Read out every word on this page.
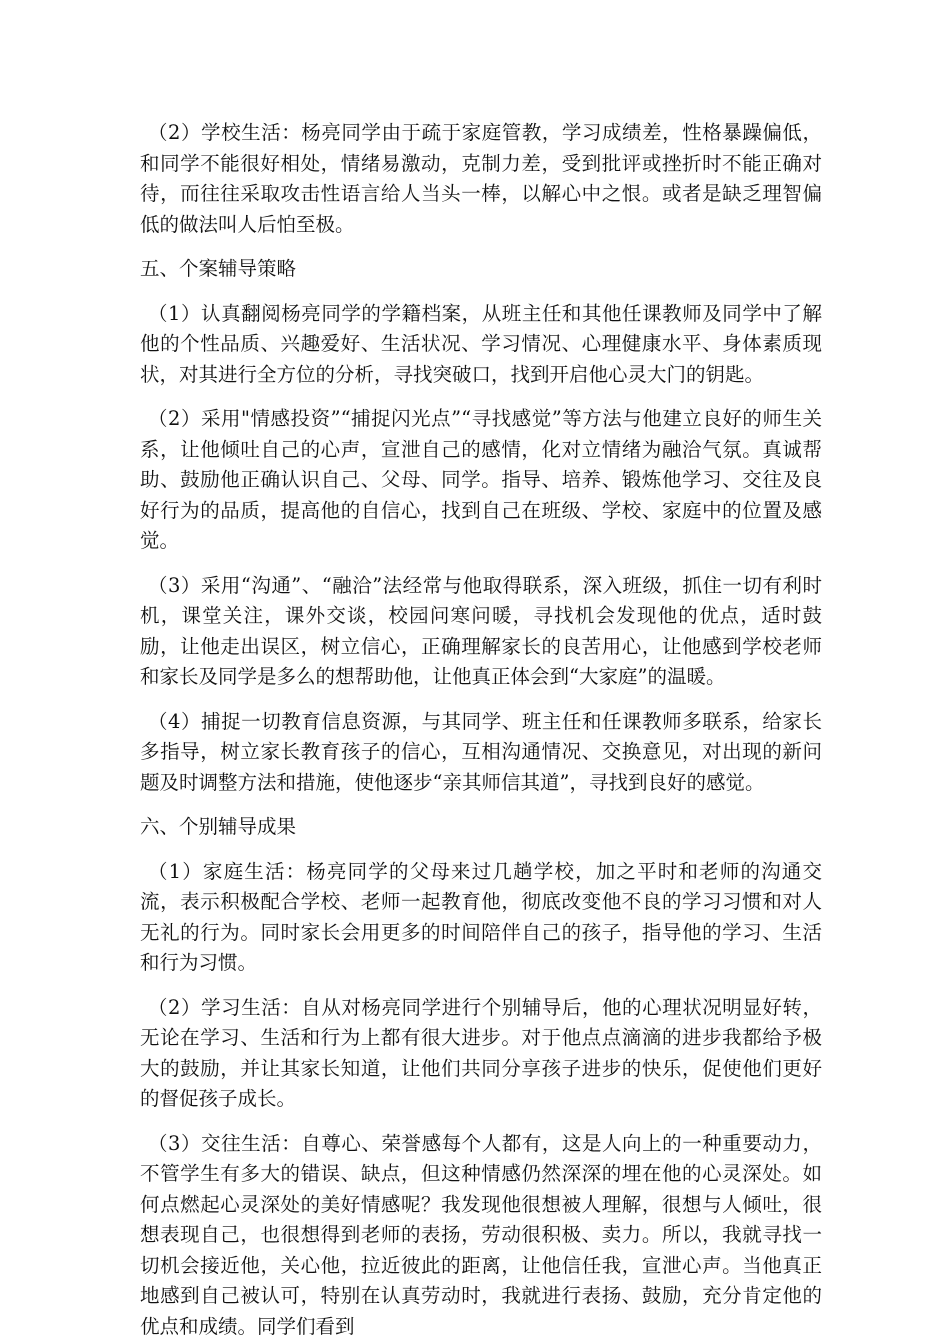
（2）学校生活：杨亮同学由于疏于家庭管教，学习成绩差，性格暴躁偏低，和同学不能很好相处，情绪易激动，克制力差，受到批评或挫折时不能正确对待，而往往采取攻击性语言给人当头一棒，以解心中之恨。或者是缺乏理智偏低的做法叫人后怕至极。

五、个案辅导策略

（1）认真翻阅杨亮同学的学籍档案，从班主任和其他任课教师及同学中了解他的个性品质、兴趣爱好、生活状况、学习情况、心理健康水平、身体素质现状，对其进行全方位的分析，寻找突破口，找到开启他心灵大门的钥匙。

（2）采用"情感投资”“捕捉闪光点”“寻找感觉”等方法与他建立良好的师生关系，让他倾吐自己的心声，宣泄自己的感情，化对立情绪为融洽气氛。真诚帮助、鼓励他正确认识自己、父母、同学。指导、培养、锻炼他学习、交往及良好行为的品质，提高他的自信心，找到自己在班级、学校、家庭中的位置及感觉。

（3）采用“沟通”、“融洽”法经常与他取得联系，深入班级，抓住一切有利时机，课堂关注，课外交谈，校园问寒问暖，寻找机会发现他的优点，适时鼓励，让他走出误区，树立信心，正确理解家长的良苦用心，让他感到学校老师和家长及同学是多么的想帮助他，让他真正体会到“大家庭”的温暖。

（4）捕捉一切教育信息资源，与其同学、班主任和任课教师多联系，给家长多指导，树立家长教育孩子的信心，互相沟通情况、交换意见，对出现的新问题及时调整方法和措施，使他逐步“亲其师信其道”，寻找到良好的感觉。

六、个别辅导成果

（1）家庭生活：杨亮同学的父母来过几趟学校，加之平时和老师的沟通交流，表示积极配合学校、老师一起教育他，彻底改变他不良的学习习惯和对人无礼的行为。同时家长会用更多的时间陪伴自己的孩子，指导他的学习、生活和行为习惯。

（2）学习生活：自从对杨亮同学进行个别辅导后，他的心理状况明显好转，无论在学习、生活和行为上都有很大进步。对于他点点滴滴的进步我都给予极大的鼓励，并让其家长知道，让他们共同分享孩子进步的快乐，促使他们更好的督促孩子成长。

（3）交往生活：自尊心、荣誉感每个人都有，这是人向上的一种重要动力，不管学生有多大的错误、缺点，但这种情感仍然深深的埋在他的心灵深处。如何点燃起心灵深处的美好情感呢？我发现他很想被人理解，很想与人倾吐，很想表现自己，也很想得到老师的表扬，劳动很积极、卖力。所以，我就寻找一切机会接近他，关心他，拉近彼此的距离，让他信任我，宣泄心声。当他真正地感到自己被认可，特别在认真劳动时，我就进行表扬、鼓励，充分肯定他的优点和成绩。同学们看到
